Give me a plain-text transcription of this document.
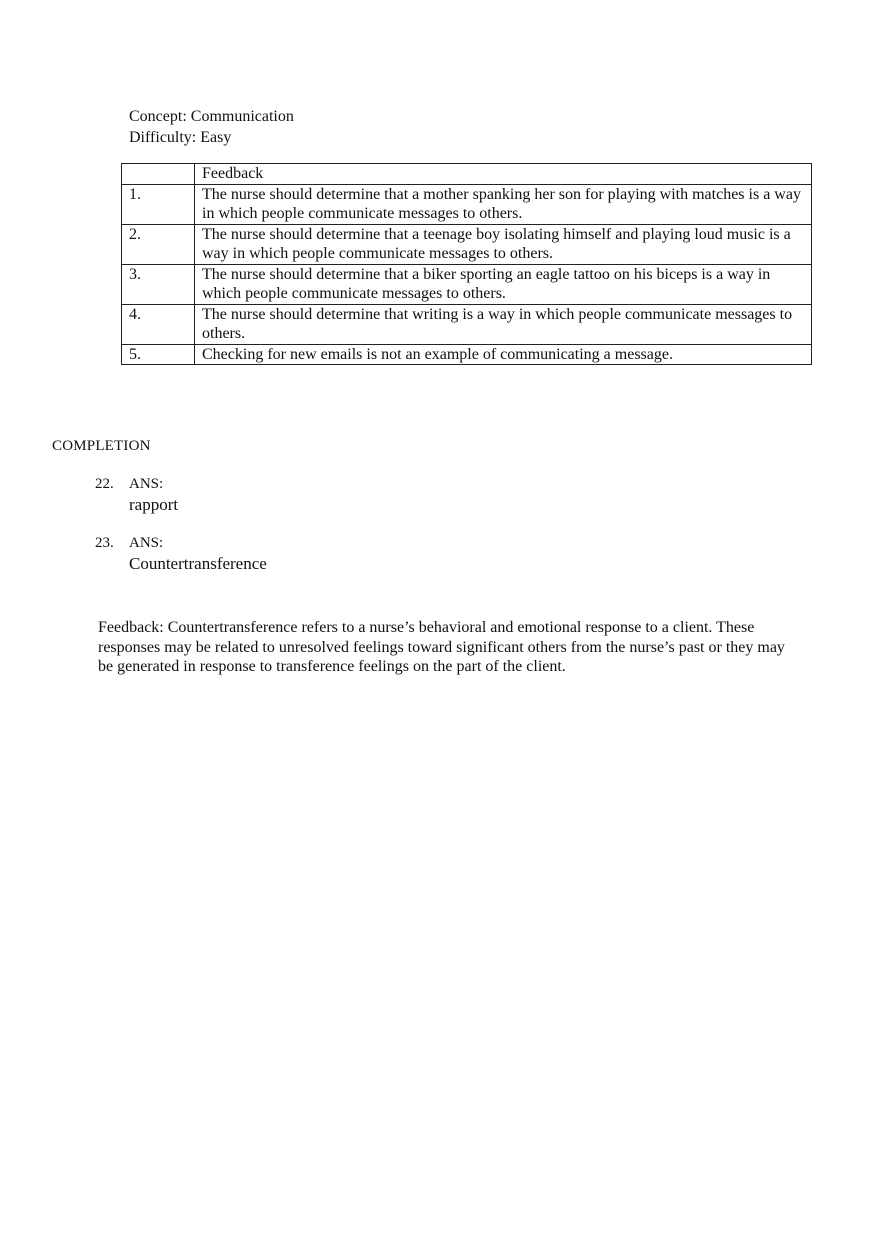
Concept: Communication
Difficulty: Easy
	Feedback
1.	The nurse should determine that a mother spanking her son for playing with matches is a way in which people communicate messages to others.
2.	The nurse should determine that a teenage boy isolating himself and playing loud music is a way in which people communicate messages to others.
3.	The nurse should determine that a biker sporting an eagle tattoo on his biceps is a way in which people communicate messages to others.
4.	The nurse should determine that writing is a way in which people communicate messages to others.
5.	Checking for new emails is not an example of communicating a message.
COMPLETION
22.	ANS:
rapport
23.	ANS:
Countertransference
Feedback: Countertransference refers to a nurse’s behavioral and emotional response to a client. These responses may be related to unresolved feelings toward significant others from the nurse’s past or they may be generated in response to transference feelings on the part of the client.
